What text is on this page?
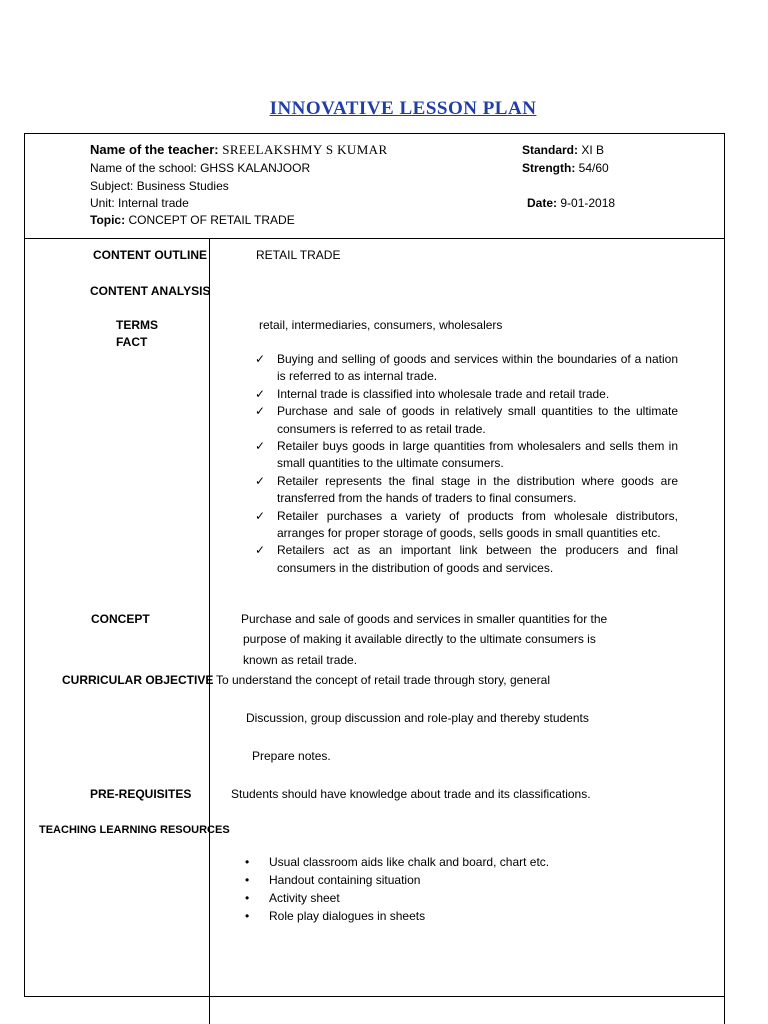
INNOVATIVE LESSON PLAN
Name of the teacher: SREELAKSHMY S KUMAR
Name of the school: GHSS KALANJOOR
Subject: Business Studies
Unit: Internal trade
Topic: CONCEPT OF RETAIL TRADE
Standard: XI B
Strength: 54/60
Date: 9-01-2018
CONTENT OUTLINE
CONTENT ANALYSIS
TERMS
FACT
CONCEPT
CURRICULAR OBJECTIVE
PRE-REQUISITES
TEACHING LEARNING RESOURCES
RETAIL TRADE
retail, intermediaries, consumers, wholesalers
✓ Buying and selling of goods and services within the boundaries of a nation is referred to as internal trade.
✓ Internal trade is classified into wholesale trade and retail trade.
✓ Purchase and sale of goods in relatively small quantities to the ultimate consumers is referred to as retail trade.
✓ Retailer buys goods in large quantities from wholesalers and sells them in small quantities to the ultimate consumers.
✓ Retailer represents the final stage in the distribution where goods are transferred from the hands of traders to final consumers.
✓ Retailer purchases a variety of products from wholesale distributors, arranges for proper storage of goods, sells goods in small quantities etc.
✓ Retailers act as an important link between the producers and final consumers in the distribution of goods and services.
Purchase and sale of goods and services in smaller quantities for the
purpose of making it available directly to the ultimate consumers is
known as retail trade.
To understand the concept of retail trade through story, general
Discussion, group discussion and role-play and thereby students
Prepare notes.
Students should have knowledge about trade and its classifications.
• Usual classroom aids like chalk and board, chart etc.
• Handout containing situation
• Activity sheet
• Role play dialogues in sheets
